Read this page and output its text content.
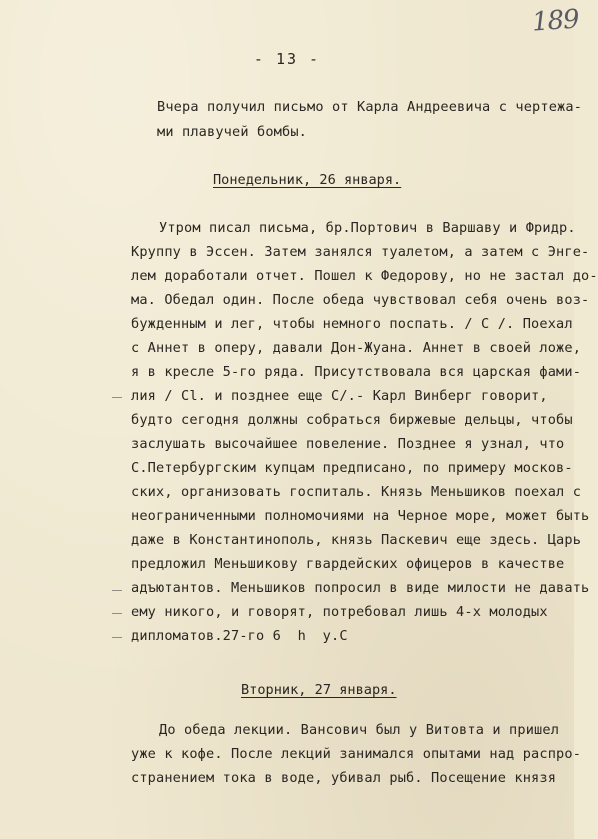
189
- 13 -
Вчера получил письмо от Карла Андреевича с чертежа-
ми плавучей бомбы.
Понедельник, 26 января.
Утром писал письма, бр.Портович в Варшаву и Фридр.
Круппу в Эссен. Затем занялся туалетом, а затем с Энге-
лем доработали отчет. Пошел к Федорову, но не застал до-
ма. Обедал один. После обеда чувствовал себя очень воз-
бужденным и лег, чтобы немного поспать. / С /. Поехал
с Аннет в оперу, давали Дон-Жуана. Аннет в своей ложе,
я в кресле 5-го ряда. Присутствовала вся царская фами-
лия / Cl. и позднее еще С/.- Карл Винберг говорит,
будто сегодня должны собраться биржевые дельцы, чтобы
заслушать высочайшее повеление. Позднее я узнал, что
С.Петербургским купцам предписано, по примеру москов-
ских, организовать госпиталь. Князь Меньшиков поехал с
неограниченными полномочиями на Черное море, может быть
даже в Константинополь, князь Паскевич еще здесь. Царь
предложил Меньшикову гвардейских офицеров в качестве
адъютантов. Меньшиков попросил в виде милости не давать
ему никого, и говорят, потребовал лишь 4-х молодых
дипломатов.27-го 6  h  у.С
Вторник, 27 января.
До обеда лекции. Вансович был у Витовта и пришел
уже к кофе. После лекций занимался опытами над распро-
странением тока в воде, убивал рыб. Посещение князя
